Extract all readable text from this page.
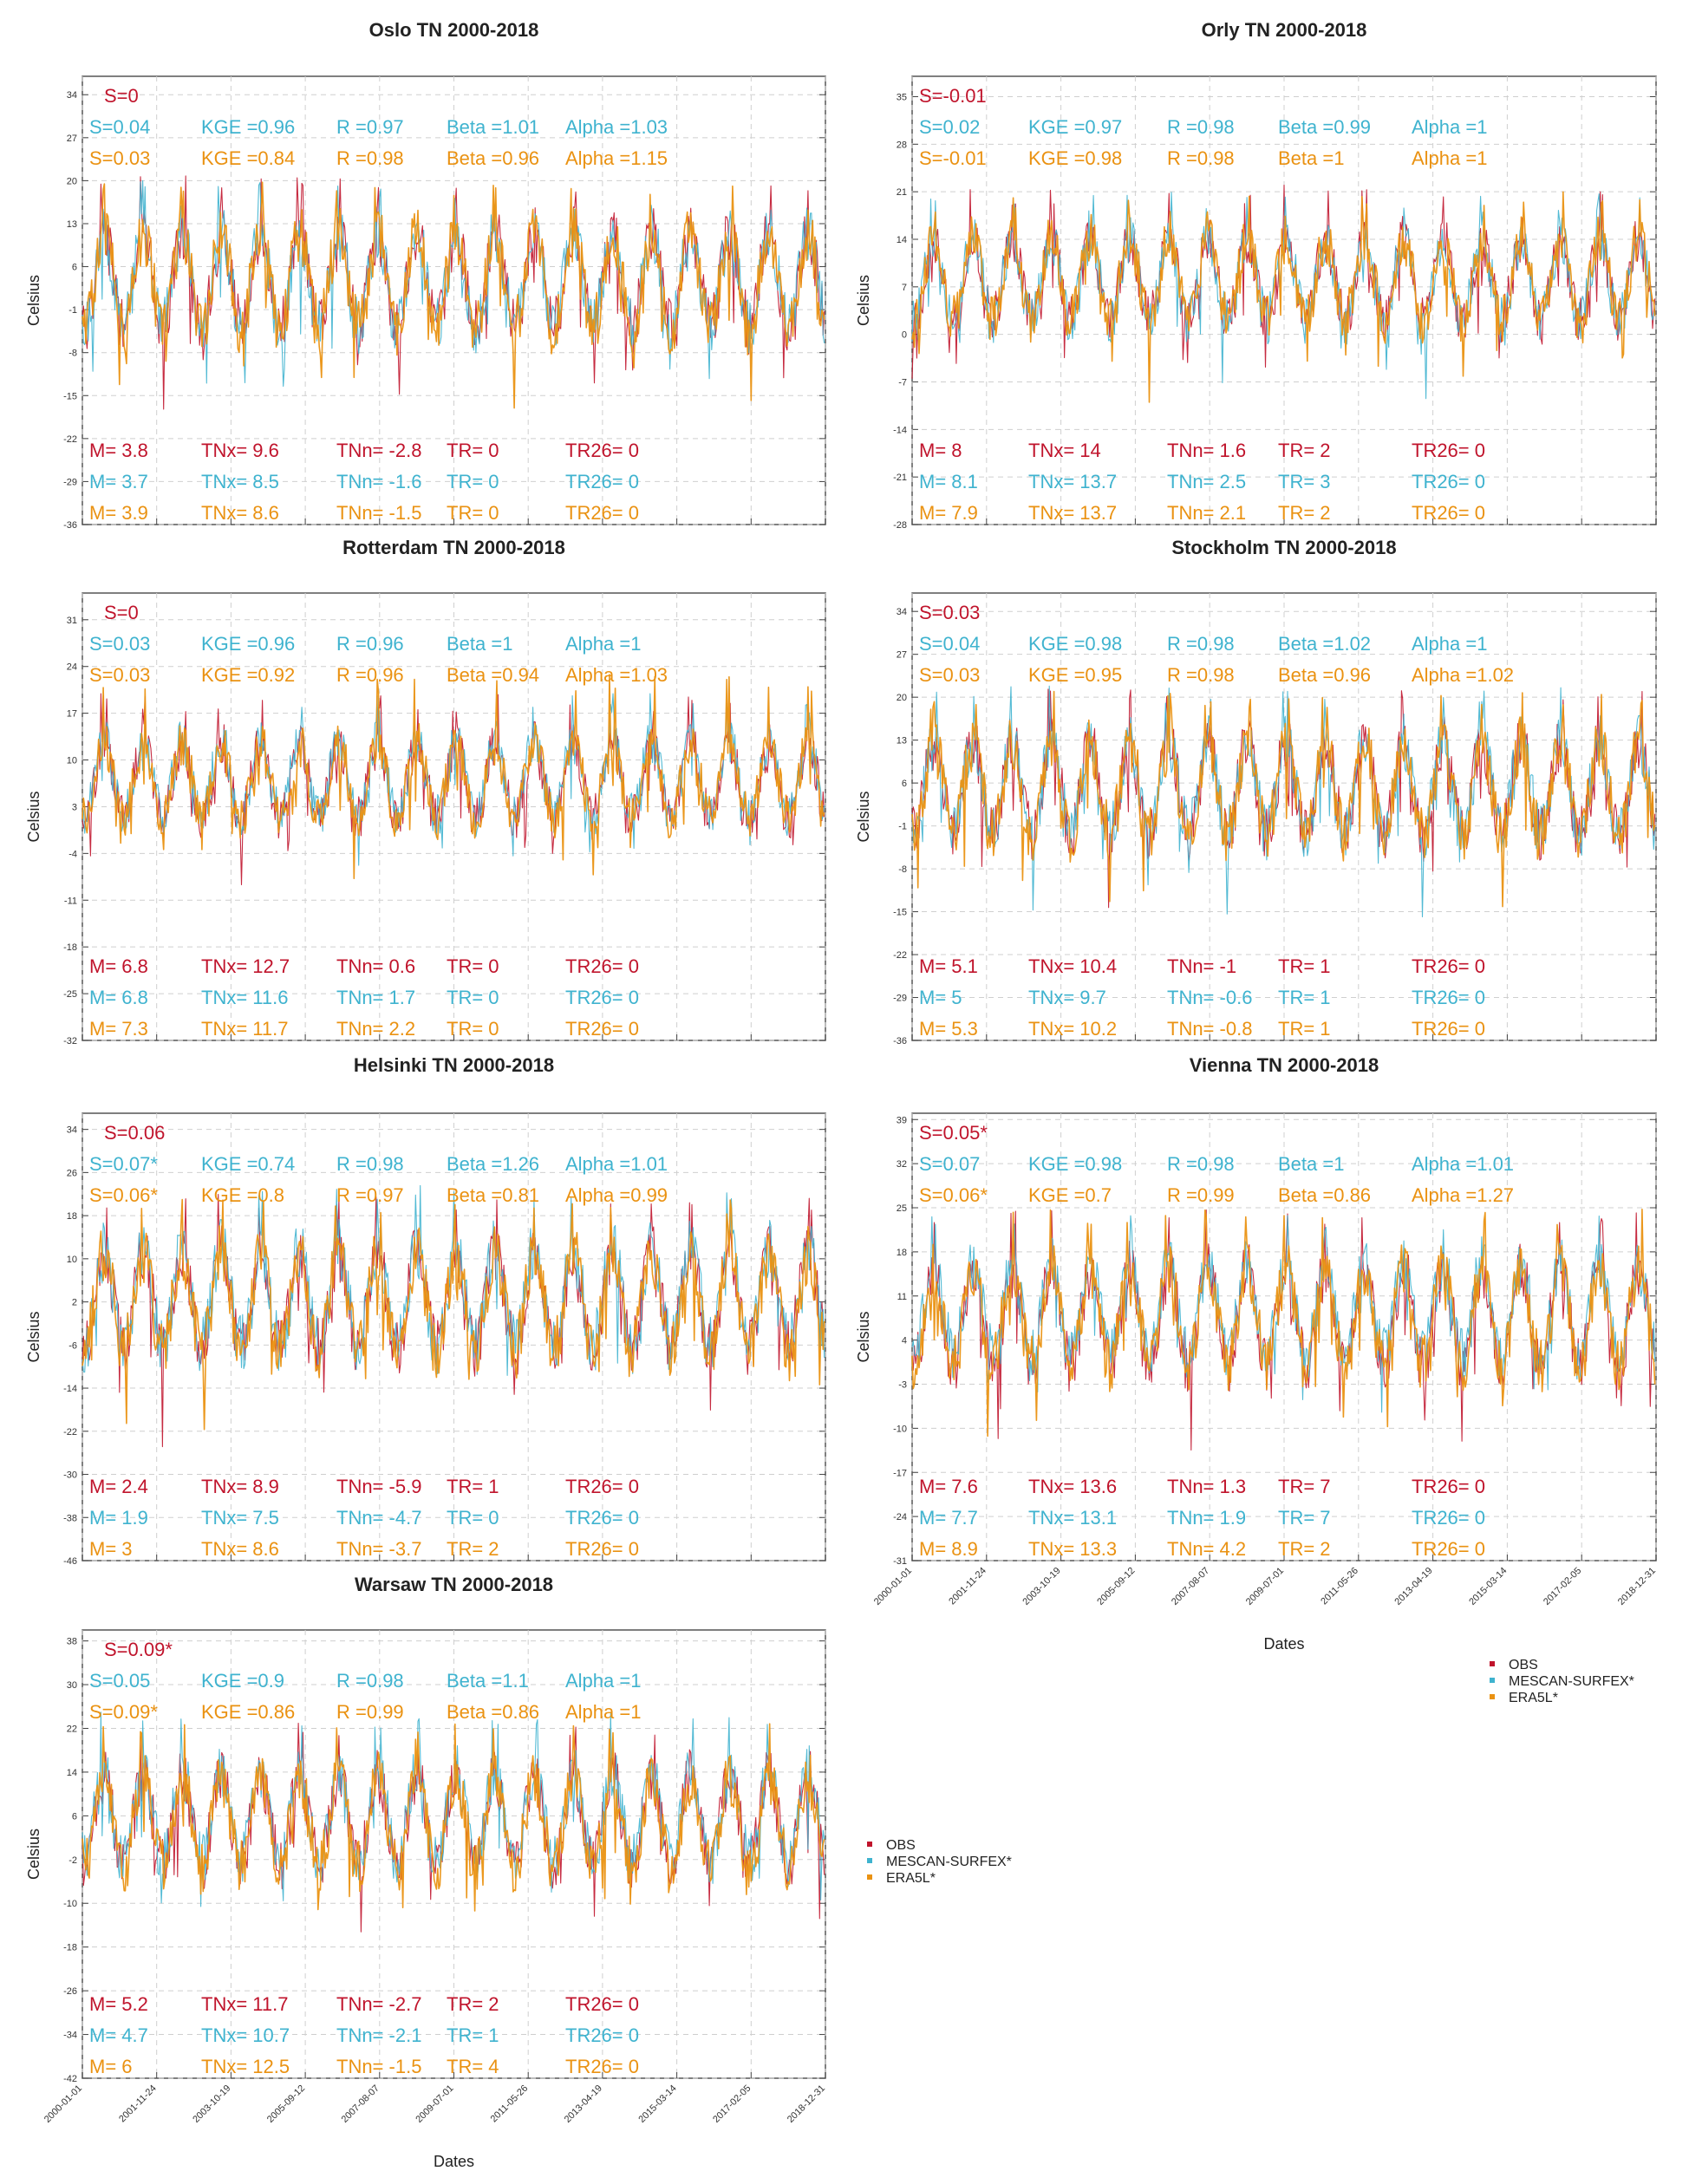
Oslo TN 2000-2018
34
27
20
13
6
-1
-8
-15
-22
-29
-36
Celsius
S=0
S=0.04	KGE =0.96 R =0.97 Beta =1.01 Alpha =1.03
S=0.03	KGE =0.84 R =0.98 Beta =0.96 Alpha =1.15
M= 3.8	TNx= 9.6	TNn= -2.8 TR= 0	TR26= 0
M= 3.7	TNx= 8.5	TNn= -1.6 TR= 0	TR26= 0
M= 3.9	TNx= 8.6	TNn= -1.5 TR= 0	TR26= 0
Orly TN 2000-2018
35
28
21
14
7
0
-7
-14
-21
-28
Celsius
S=-0.01
S=0.02	KGE =0.97 R =0.98 Beta =0.99 Alpha =1
S=-0.01 KGE =0.98 R =0.98 Beta =1	Alpha =1
M= 8	TNx= 14	TNn= 1.6 TR= 2	TR26= 0
M= 8.1	TNx= 13.7	TNn= 2.5 TR= 3	TR26= 0
M= 7.9	TNx= 13.7	TNn= 2.1 TR= 2	TR26= 0
Rotterdam TN 2000-2018
31
24
17
10
3
-4
-11
-18
-25
-32
Celsius
S=0
S=0.03	KGE =0.96 R =0.96 Beta =1	Alpha =1
S=0.03	KGE =0.92 R =0.96 Beta =0.94 Alpha =1.03
M= 6.8	TNx= 12.7 TNn= 0.6 TR= 0	TR26= 0
M= 6.8	TNx= 11.6	TNn= 1.7 TR= 0	TR26= 0
M= 7.3	TNx= 11.7	TNn= 2.2 TR= 0	TR26= 0
Stockholm TN 2000-2018
34
27
20
13
6
-1
-8
-15
-22
-29
-36
Celsius
S=0.03
S=0.04	KGE =0.98 R =0.98 Beta =1.02 Alpha =1
S=0.03	KGE =0.95 R =0.98 Beta =0.96 Alpha =1.02
M= 5.1	TNx= 10.4	TNn= -1 TR= 1	TR26= 0
M= 5	TNx= 9.7	TNn= -0.6 TR= 1	TR26= 0
M= 5.3	TNx= 10.2	TNn= -0.8 TR= 1	TR26= 0
Helsinki TN 2000-2018
34
26
18
10
2
-6
-14
-22
-30
-38
-46
Celsius
S=0.06
S=0.07* KGE =0.74 R =0.98 Beta =1.26 Alpha =1.01
S=0.06* KGE =0.8	R =0.97 Beta =0.81 Alpha =0.99
M= 2.4	TNx= 8.9	TNn= -5.9 TR= 1	TR26= 0
M= 1.9	TNx= 7.5	TNn= -4.7 TR= 0	TR26= 0
M= 3	TNx= 8.6	TNn= -3.7 TR= 2	TR26= 0
Vienna TN 2000-2018
39
32
25
18
11
4
-3
-10
-17
-24
-31
Celsius
S=0.05*
S=0.07	KGE =0.98 R =0.98 Beta =1	Alpha =1.01
S=0.06* KGE =0.7	R =0.99 Beta =0.86 Alpha =1.27
M= 7.6	TNx= 13.6	TNn= 1.3 TR= 7	TR26= 0
M= 7.7	TNx= 13.1	TNn= 1.9 TR= 7	TR26= 0
M= 8.9	TNx= 13.3	TNn= 4.2 TR= 2	TR26= 0
2000-01-01	2001-11-24	2003-10-19	2005-09-12	2007-08-07	2009-07-01	2011-05-26	2013-04-19	2015-03-14	2017-02-05	2018-12-31
Dates
Warsaw TN 2000-2018
38
30
22
14
6
-2
-10
-18
-26
-34
-42
Celsius
S=0.09*
S=0.05	KGE =0.9	R =0.98 Beta =1.1 Alpha =1
S=0.09* KGE =0.86 R =0.99 Beta =0.86 Alpha =1
M= 5.2	TNx= 11.7	TNn= -2.7 TR= 2	TR26= 0
M= 4.7	TNx= 10.7 TNn= -2.1 TR= 1	TR26= 0
M= 6	TNx= 12.5 TNn= -1.5 TR= 4	TR26= 0
2000-01-01	2001-11-24	2003-10-19	2005-09-12	2007-08-07	2009-07-01	2011-05-26	2013-04-19	2015-03-14	2017-02-05	2018-12-31
Dates
OBS
MESCAN-SURFEX*
ERA5L*
OBS
MESCAN-SURFEX*
ERA5L*
